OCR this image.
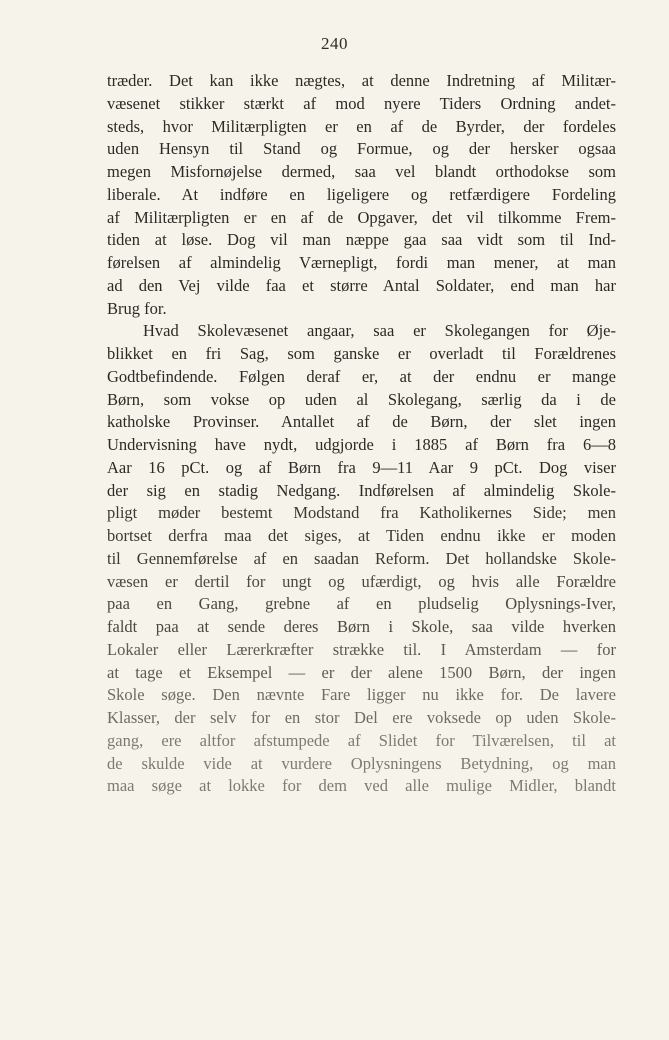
240
træder. Det kan ikke nægtes, at denne Indretning af Militær-
væsenet stikker stærkt af mod nyere Tiders Ordning andet-
steds, hvor Militærpligten er en af de Byrder, der fordeles
uden Hensyn til Stand og Formue, og der hersker ogsaa
megen Misfornøjelse dermed, saa vel blandt orthodokse som
liberale. At indføre en ligeligere og retfærdigere Fordeling
af Militærpligten er en af de Opgaver, det vil tilkomme Frem-
tiden at løse. Dog vil man næppe gaa saa vidt som til Ind-
førelsen af almindelig Værnepligt, fordi man mener, at man
ad den Vej vilde faa et større Antal Soldater, end man har
Brug for.
Hvad Skolevæsenet angaar, saa er Skolegangen for Øje-
blikket en fri Sag, som ganske er overladt til Forældrenes
Godtbefindende. Følgen deraf er, at der endnu er mange
Børn, som vokse op uden al Skolegang, særlig da i de
katholske Provinser. Antallet af de Børn, der slet ingen
Undervisning have nydt, udgjorde i 1885 af Børn fra 6—8
Aar 16 pCt. og af Børn fra 9—11 Aar 9 pCt. Dog viser
der sig en stadig Nedgang. Indførelsen af almindelig Skole-
pligt møder bestemt Modstand fra Katholikernes Side; men
bortset derfra maa det siges, at Tiden endnu ikke er moden
til Gennemførelse af en saadan Reform. Det hollandske Skole-
væsen er dertil for ungt og ufærdigt, og hvis alle Forældre
paa en Gang, grebne af en pludselig Oplysnings-Iver,
faldt paa at sende deres Børn i Skole, saa vilde hverken
Lokaler eller Lærerkræfter strække til. I Amsterdam — for
at tage et Eksempel — er der alene 1500 Børn, der ingen
Skole søge. Den nævnte Fare ligger nu ikke for. De lavere
Klasser, der selv for en stor Del ere voksede op uden Skole-
gang, ere altfor afstumpede af Slidet for Tilværelsen, til at
de skulde vide at vurdere Oplysningens Betydning, og man
maa søge at lokke for dem ved alle mulige Midler, blandt
